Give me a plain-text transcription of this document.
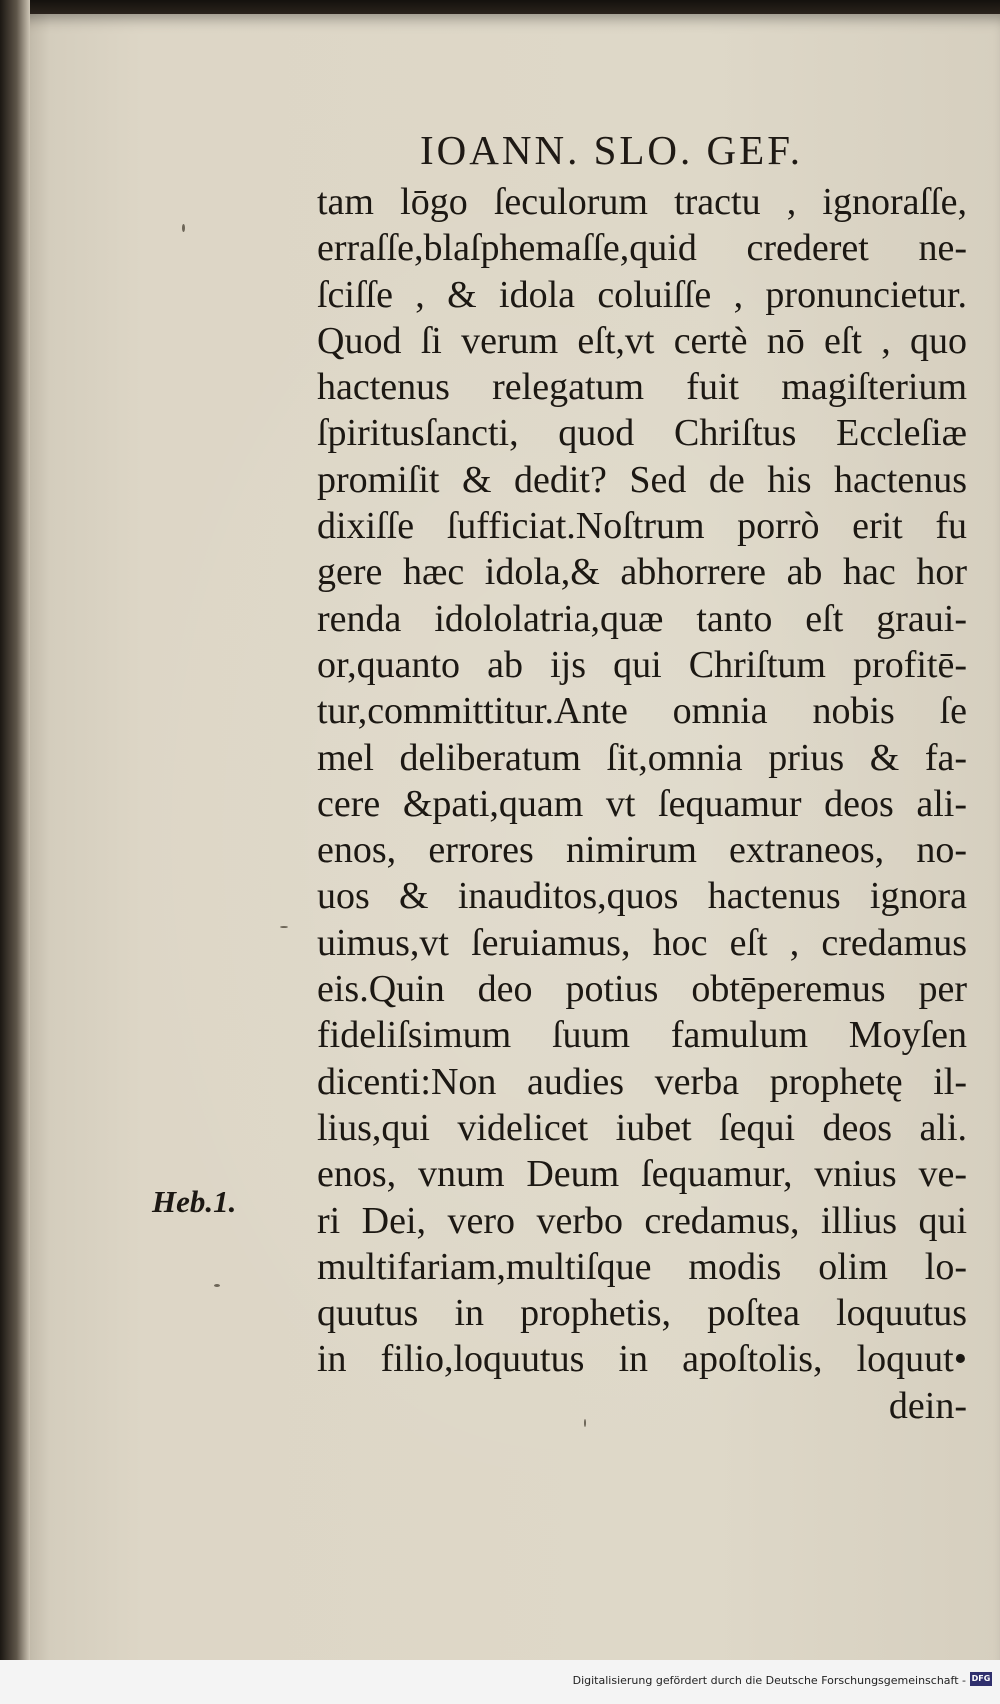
IOANN. SLO. GEF.
Heb.1.
tam lōgo ſeculorum tractu , ignoraſſe,
erraſſe,blaſphemaſſe,quid crederet ne-
ſciſſe , & idola coluiſſe , pronuncietur.
Quod ſi verum eſt,vt certè nō eſt , quo
hactenus relegatum fuit magiſterium
ſpiritusſancti, quod Chriſtus Eccleſiæ
promiſit & dedit? Sed de his hactenus
dixiſſe ſufficiat.Noſtrum porrò erit fu
gere hæc idola,& abhorrere ab hac hor
renda idololatria,quæ tanto eſt graui-
or,quanto ab ijs qui Chriſtum profitē-
tur,committitur.Ante omnia nobis ſe
mel deliberatum ſit,omnia prius & fa-
cere &pati,quam vt ſequamur deos ali-
enos, errores nimirum extraneos, no-
uos & inauditos,quos hactenus ignora
uimus,vt ſeruiamus, hoc eſt , credamus
eis.Quin deo potius obtēperemus per
fideliſsimum ſuum famulum Moyſen
dicenti:Non audies verba prophetę il-
lius,qui videlicet iubet ſequi deos ali.
enos, vnum Deum ſequamur, vnius ve-
ri Dei, vero verbo credamus, illius qui
multifariam,multiſque modis olim lo-
quutus in prophetis, poſtea loquutus
in filio,loquutus in apoſtolis, loquut•
dein-
Digitalisierung gefördert durch die Deutsche Forschungsgemeinschaft - DFG
